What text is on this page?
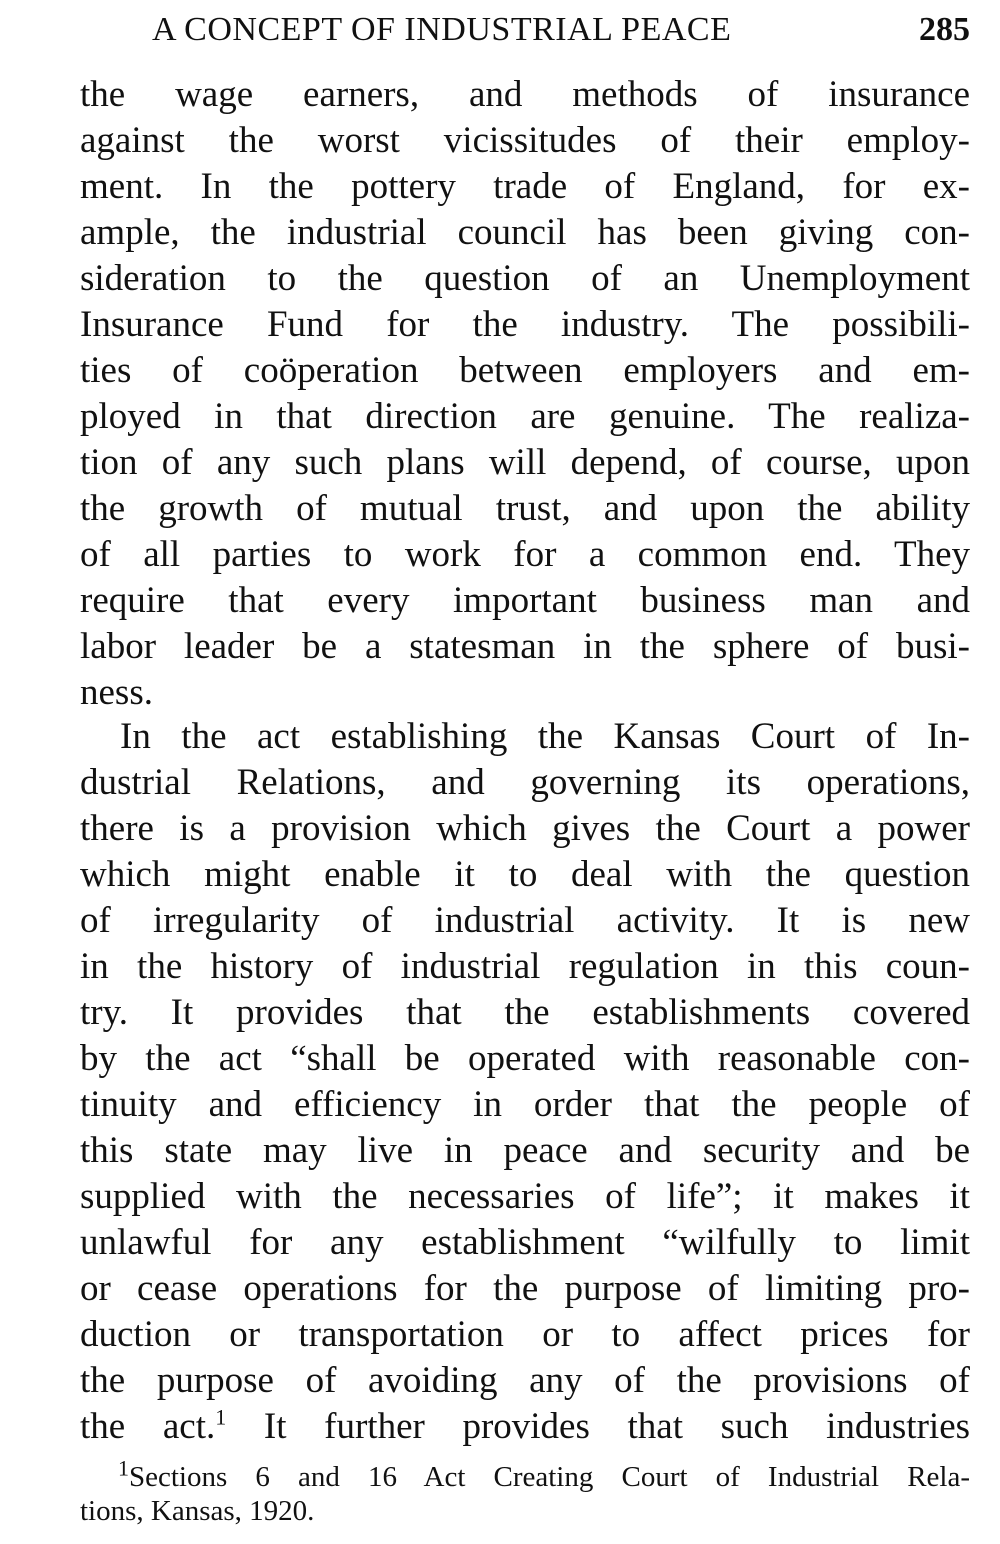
A CONCEPT OF INDUSTRIAL PEACE	285
the wage earners, and methods of insurance
against the worst vicissitudes of their employ-
ment. In the pottery trade of England, for ex-
ample, the industrial council has been giving con-
sideration to the question of an Unemployment
Insurance Fund for the industry. The possibili-
ties of coöperation between employers and em-
ployed in that direction are genuine. The realiza-
tion of any such plans will depend, of course, upon
the growth of mutual trust, and upon the ability
of all parties to work for a common end. They
require that every important business man and
labor leader be a statesman in the sphere of busi-
ness.
In the act establishing the Kansas Court of In-
dustrial Relations, and governing its operations,
there is a provision which gives the Court a power
which might enable it to deal with the question
of irregularity of industrial activity. It is new
in the history of industrial regulation in this coun-
try. It provides that the establishments covered
by the act “shall be operated with reasonable con-
tinuity and efficiency in order that the people of
this state may live in peace and security and be
supplied with the necessaries of life”; it makes it
unlawful for any establishment “wilfully to limit
or cease operations for the purpose of limiting pro-
duction or transportation or to affect prices for
the purpose of avoiding any of the provisions of
the act.$^1$ It further provides that such industries
$^1$Sections 6 and 16 Act Creating Court of Industrial Rela-
tions, Kansas, 1920.
